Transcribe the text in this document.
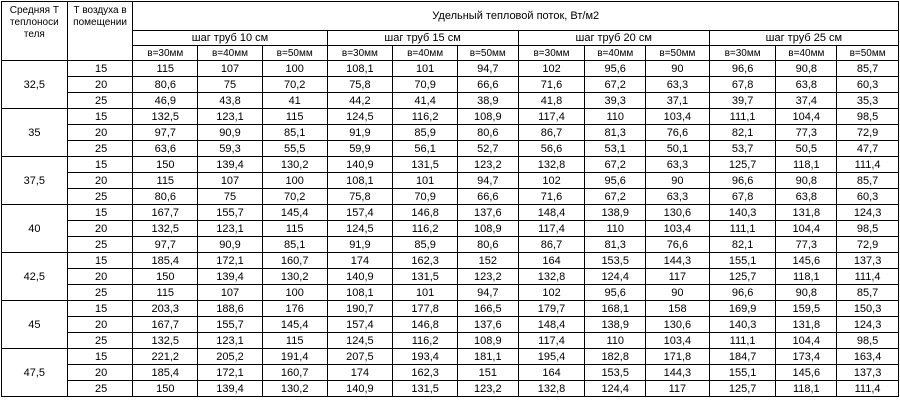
Средняя Т теплоноси теля	Т воздуха в помещении	Удельный тепловой поток, Вт/м2											
		шаг труб 10 см			шаг труб 15 см			шаг труб 20 см			шаг труб 25 см		
		в=30мм	в=40мм	в=50мм	в=30мм	в=40мм	в=50мм	в=30мм	в=40мм	в=50мм	в=30мм	в=40мм	в=50мм
32,5	15	115	107	100	108,1	101	94,7	102	95,6	90	96,6	90,8	85,7
	20	80,6	75	70,2	75,8	70,9	66,6	71,6	67,2	63,3	67,8	63,8	60,3
	25	46,9	43,8	41	44,2	41,4	38,9	41,8	39,3	37,1	39,7	37,4	35,3
35	15	132,5	123,1	115	124,5	116,2	108,9	117,4	110	103,4	111,1	104,4	98,5
	20	97,7	90,9	85,1	91,9	85,9	80,6	86,7	81,3	76,6	82,1	77,3	72,9
	25	63,6	59,3	55,5	59,9	56,1	52,7	56,6	53,1	50,1	53,7	50,5	47,7
37,5	15	150	139,4	130,2	140,9	131,5	123,2	132,8	67,2	63,3	125,7	118,1	111,4
	20	115	107	100	108,1	101	94,7	102	95,6	90	96,6	90,8	85,7
	25	80,6	75	70,2	75,8	70,9	66,6	71,6	67,2	63,3	67,8	63,8	60,3
40	15	167,7	155,7	145,4	157,4	146,8	137,6	148,4	138,9	130,6	140,3	131,8	124,3
	20	132,5	123,1	115	124,5	116,2	108,9	117,4	110	103,4	111,1	104,4	98,5
	25	97,7	90,9	85,1	91,9	85,9	80,6	86,7	81,3	76,6	82,1	77,3	72,9
42,5	15	185,4	172,1	160,7	174	162,3	152	164	153,5	144,3	155,1	145,6	137,3
	20	150	139,4	130,2	140,9	131,5	123,2	132,8	124,4	117	125,7	118,1	111,4
	25	115	107	100	108,1	101	94,7	102	95,6	90	96,6	90,8	85,7
45	15	203,3	188,6	176	190,7	177,8	166,5	179,7	168,1	158	169,9	159,5	150,3
	20	167,7	155,7	145,4	157,4	146,8	137,6	148,4	138,9	130,6	140,3	131,8	124,3
	25	132,5	123,1	115	124,5	116,2	108,9	117,4	110	103,4	111,1	104,4	98,5
47,5	15	221,2	205,2	191,4	207,5	193,4	181,1	195,4	182,8	171,8	184,7	173,4	163,4
	20	185,4	172,1	160,7	174	162,3	151	164	153,5	144,3	155,1	145,6	137,3
	25	150	139,4	130,2	140,9	131,5	123,2	132,8	124,4	117	125,7	118,1	111,4
